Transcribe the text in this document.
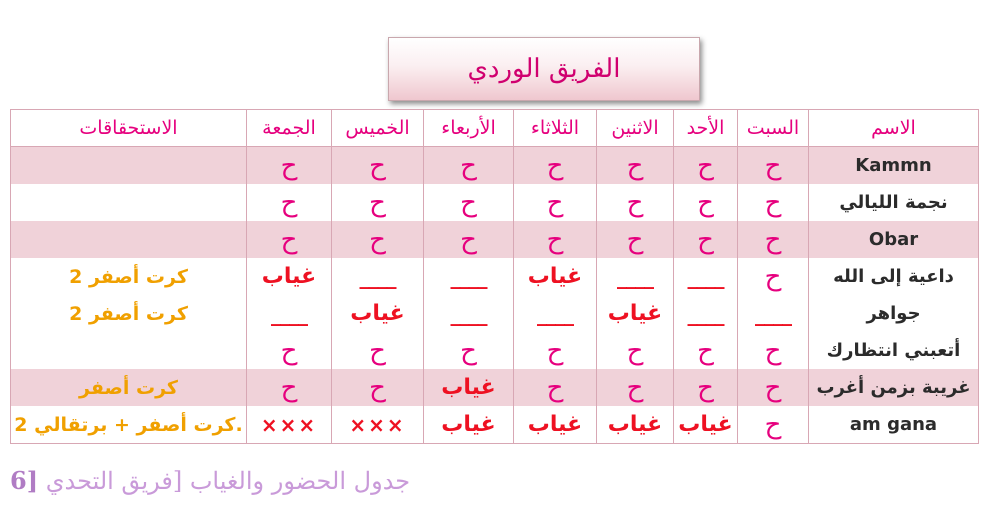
الفريق الوردي
الاستحقاقات	الجمعة	الخميس	الأربعاء	الثلاثاء	الاثنين	الأحد	السبت	الاسم
	ح	ح	ح	ح	ح	ح	ح	Kammn
	ح	ح	ح	ح	ح	ح	ح	نجمة الليالي
	ح	ح	ح	ح	ح	ح	ح	Obar
2 كرت أصفر	غياب	____	____	غياب	____	____	ح	داعية إلى الله
2 كرت أصفر	____	غياب	____	____	غياب	____	____	جواهر
	ح	ح	ح	ح	ح	ح	ح	أتعبني انتظارك
كرت أصفر	ح	ح	غياب	ح	ح	ح	ح	غريبة بزمن أغرب
2 كرت أصفر + برتقالي.	×××	×××	غياب	غياب	غياب	غياب	ح	am gana
6] جدول الحضور والغياب [فريق التحدي
